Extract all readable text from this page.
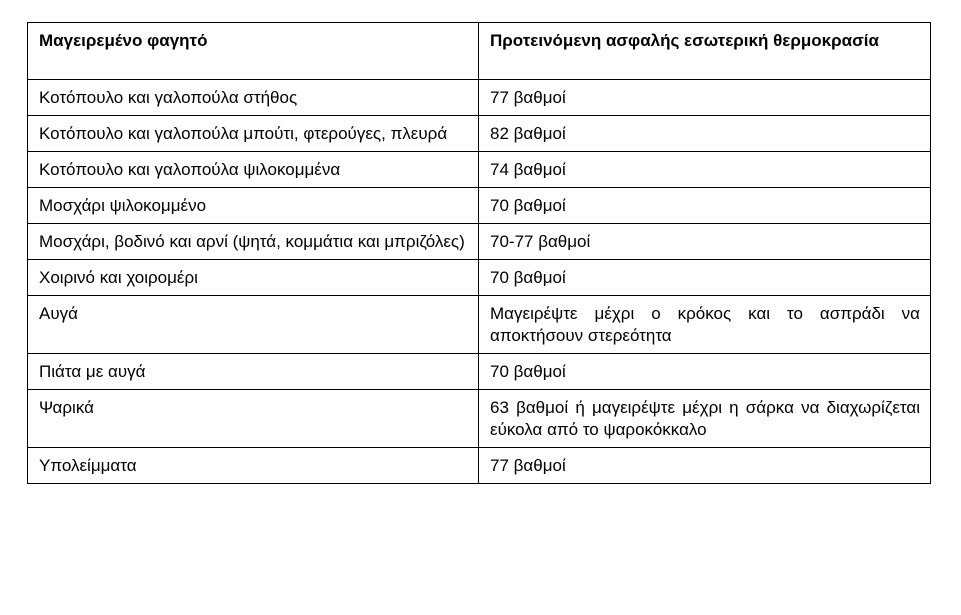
Μαγειρεμένο φαγητό	Προτεινόμενη ασφαλής εσωτερική θερμοκρασία
Κοτόπουλο και γαλοπούλα στήθος	77 βαθμοί
Κοτόπουλο και γαλοπούλα μπούτι, φτερούγες, πλευρά	82 βαθμοί
Κοτόπουλο και γαλοπούλα ψιλοκομμένα	74 βαθμοί
Μοσχάρι ψιλοκομμένο	70 βαθμοί
Μοσχάρι, βοδινό και αρνί (ψητά, κομμάτια και μπριζόλες)	70-77 βαθμοί
Χοιρινό και χοιρομέρι	70 βαθμοί
Αυγά	Μαγειρέψτε μέχρι ο κρόκος και το ασπράδι να αποκτήσουν στερεότητα
Πιάτα με αυγά	70 βαθμοί
Ψαρικά	63 βαθμοί ή μαγειρέψτε μέχρι η σάρκα να διαχωρίζεται εύκολα από το ψαροκόκκαλο
Υπολείμματα	77 βαθμοί
